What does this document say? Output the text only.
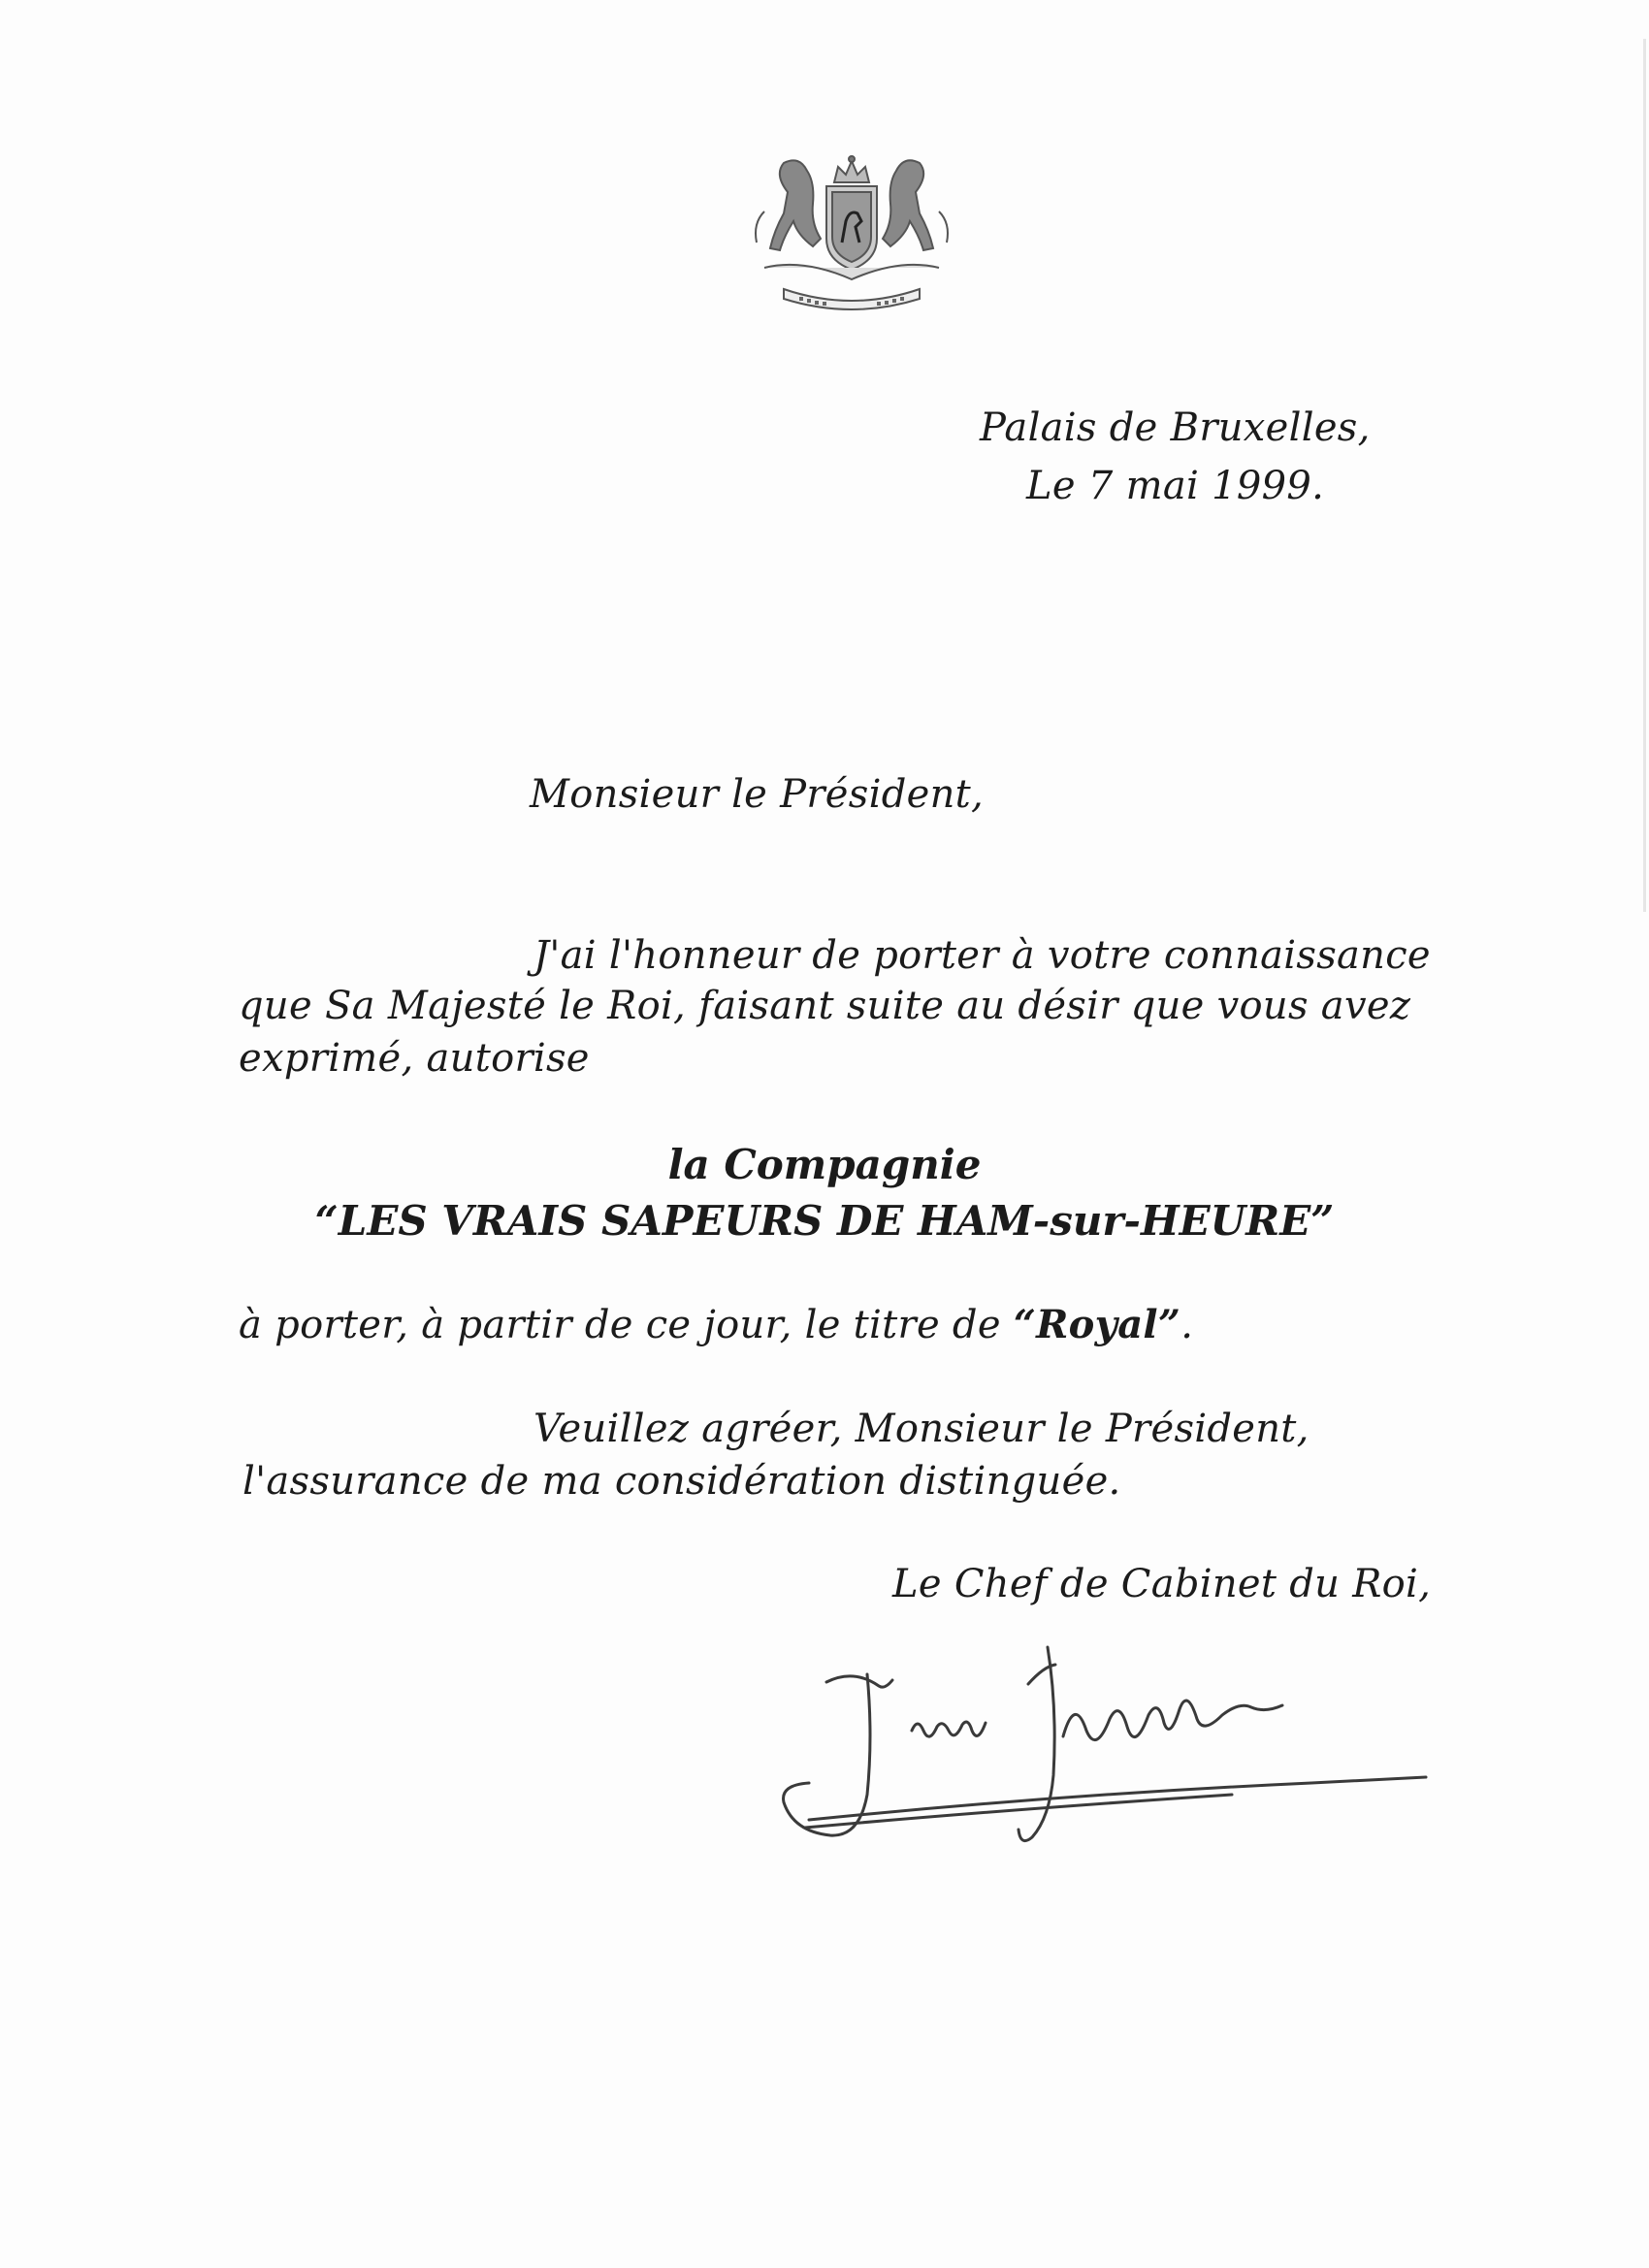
Palais de Bruxelles,

Le 7 mai 1999.

Monsieur le Président,

J'ai l'honneur de porter à votre connaissance

que Sa Majesté le Roi, faisant suite au désir que vous avez

exprimé, autorise

la Compagnie

“LES VRAIS SAPEURS DE HAM-sur-HEURE”

à porter, à partir de ce jour, le titre de “Royal”.

Veuillez agréer, Monsieur le Président,

l'assurance de ma considération distinguée.

Le Chef de Cabinet du Roi,
